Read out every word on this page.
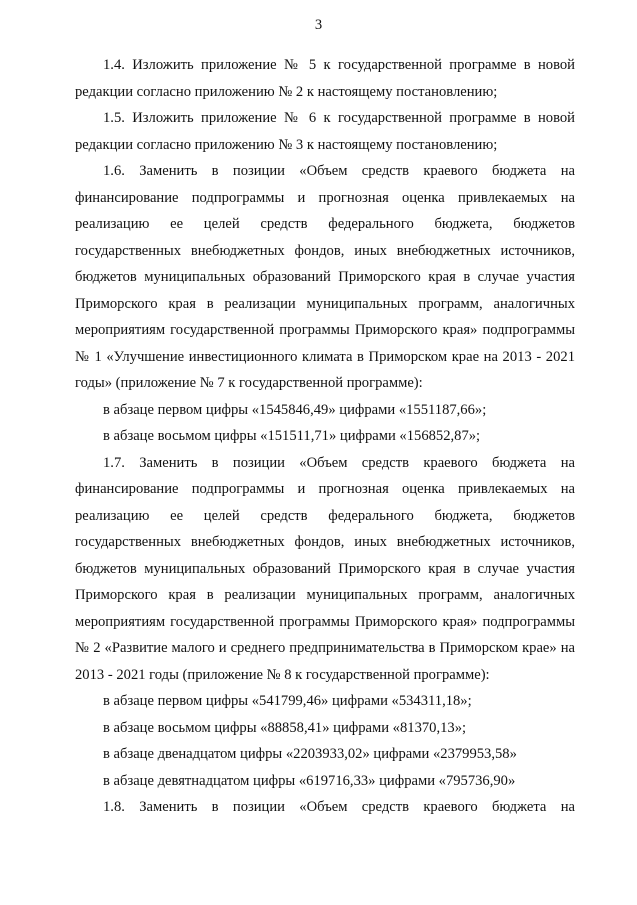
3

1.4. Изложить приложение № 5 к государственной программе в новой редакции согласно приложению № 2 к настоящему постановлению;

1.5. Изложить приложение № 6 к государственной программе в новой редакции согласно приложению № 3 к настоящему постановлению;

1.6. Заменить в позиции «Объем средств краевого бюджета на финансирование подпрограммы и прогнозная оценка привлекаемых на реализацию ее целей средств федерального бюджета, бюджетов государственных внебюджетных фондов, иных внебюджетных источников, бюджетов муниципальных образований Приморского края в случае участия Приморского края в реализации муниципальных программ, аналогичных мероприятиям государственной программы Приморского края» подпрограммы № 1 «Улучшение инвестиционного климата в Приморском крае на 2013 - 2021 годы» (приложение № 7 к государственной программе):

в абзаце первом цифры «1545846,49» цифрами «1551187,66»;

в абзаце восьмом цифры «151511,71» цифрами «156852,87»;

1.7. Заменить в позиции «Объем средств краевого бюджета на финансирование подпрограммы и прогнозная оценка привлекаемых на реализацию ее целей средств федерального бюджета, бюджетов государственных внебюджетных фондов, иных внебюджетных источников, бюджетов муниципальных образований Приморского края в случае участия Приморского края в реализации муниципальных программ, аналогичных мероприятиям государственной программы Приморского края» подпрограммы № 2 «Развитие малого и среднего предпринимательства в Приморском крае» на 2013 - 2021 годы (приложение № 8 к государственной программе):

в абзаце первом цифры «541799,46» цифрами «534311,18»;

в абзаце восьмом цифры «88858,41» цифрами «81370,13»;

в абзаце двенадцатом цифры «2203933,02» цифрами «2379953,58»

в абзаце девятнадцатом цифры «619716,33» цифрами «795736,90»

1.8. Заменить в позиции «Объем средств краевого бюджета на
